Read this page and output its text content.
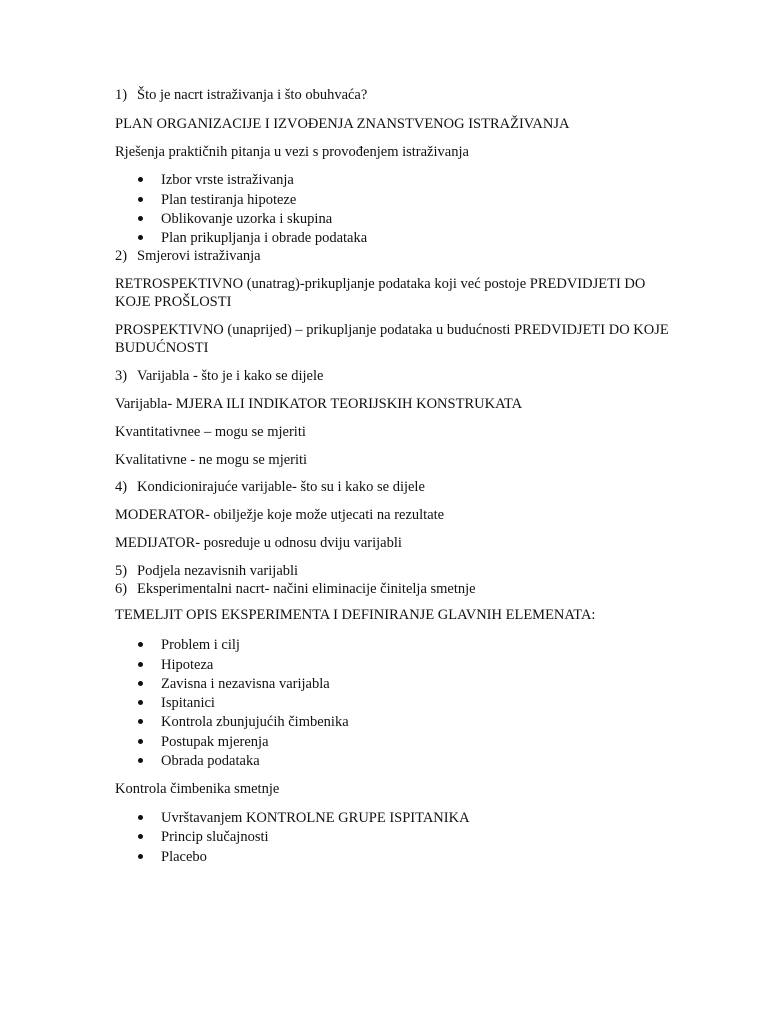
1) Što je nacrt istraživanja i što obuhvaća?
PLAN ORGANIZACIJE I IZVOĐENJA ZNANSTVENOG ISTRAŽIVANJA
Rješenja praktičnih pitanja u vezi s provođenjem istraživanja
Izbor vrste istraživanja
Plan testiranja hipoteze
Oblikovanje uzorka i skupina
Plan prikupljanja i obrade podataka
2) Smjerovi istraživanja
RETROSPEKTIVNO (unatrag)-prikupljanje podataka koji već postoje PREDVIDJETI DO KOJE PROŠLOSTI
PROSPEKTIVNO (unaprijed) – prikupljanje podataka u budućnosti PREDVIDJETI DO KOJE BUDUĆNOSTI
3) Varijabla - što je i kako se dijele
Varijabla- MJERA ILI INDIKATOR TEORIJSKIH KONSTRUKATA
Kvantitativnee – mogu se mjeriti
Kvalitativne - ne mogu se mjeriti
4) Kondicionirajuće varijable- što su i kako se dijele
MODERATOR- obilježje koje može utjecati na rezultate
MEDIJATOR- posreduje u odnosu dviju varijabli
5) Podjela nezavisnih varijabli
6) Eksperimentalni nacrt- načini eliminacije činitelja smetnje
TEMELJIT OPIS EKSPERIMENTA I DEFINIRANJE GLAVNIH ELEMENATA:
Problem i cilj
Hipoteza
Zavisna i nezavisna varijabla
Ispitanici
Kontrola zbunjujućih čimbenika
Postupak mjerenja
Obrada podataka
Kontrola čimbenika smetnje
Uvrštavanjem KONTROLNE GRUPE ISPITANIKA
Princip slučajnosti
Placebo
